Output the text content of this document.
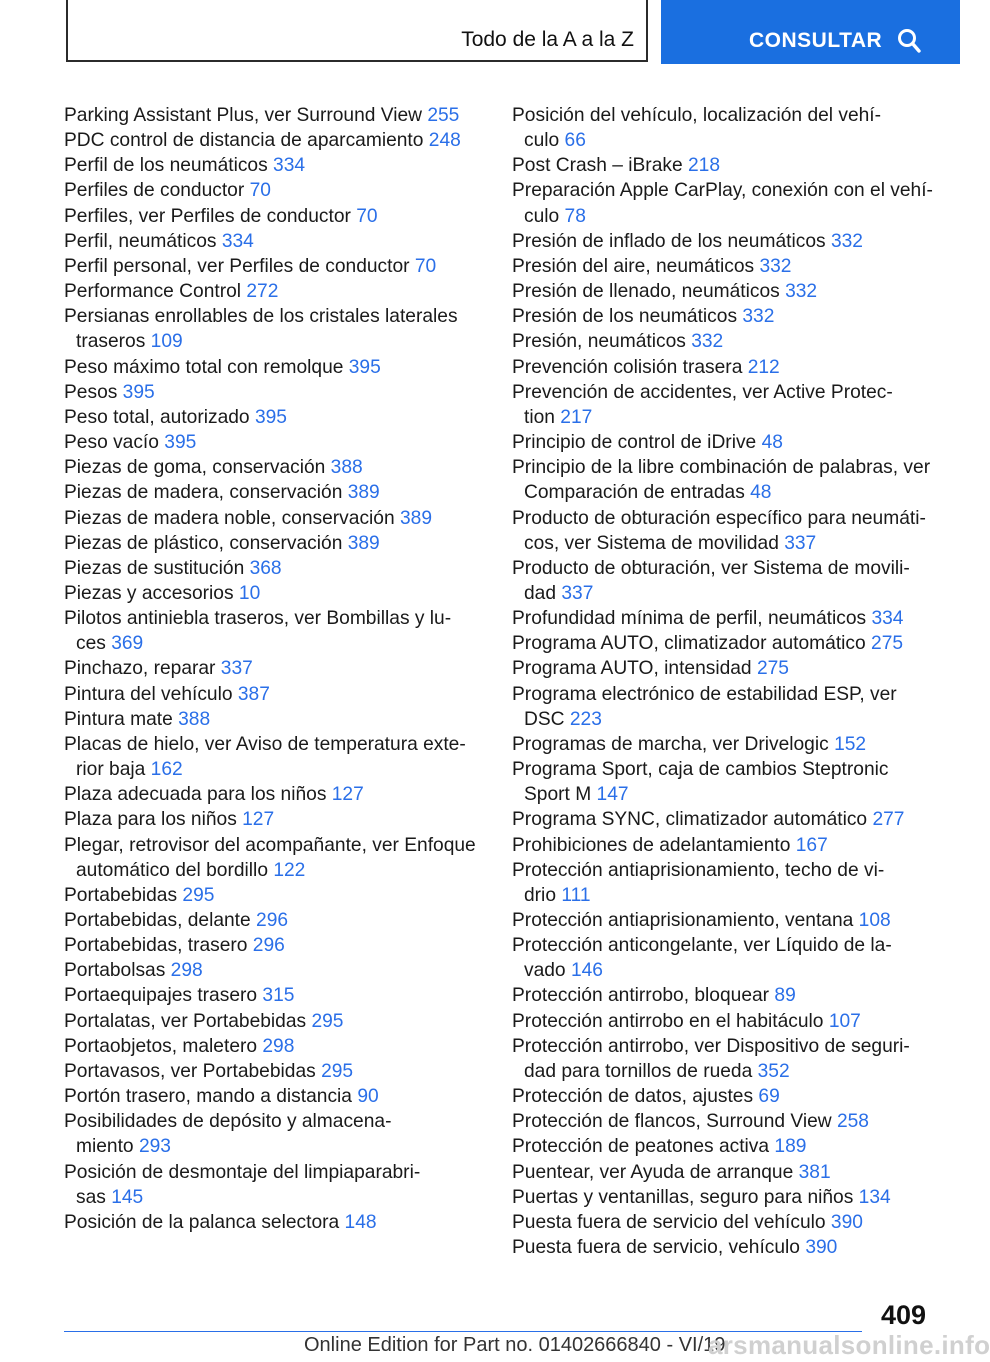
Todo de la A a la Z	CONSULTAR
Parking Assistant Plus, ver Surround View 255
PDC control de distancia de aparcamiento 248
Perfil de los neumáticos 334
Perfiles de conductor 70
Perfiles, ver Perfiles de conductor 70
Perfil, neumáticos 334
Perfil personal, ver Perfiles de conductor 70
Performance Control 272
Persianas enrollables de los cristales laterales
traseros 109
Peso máximo total con remolque 395
Pesos 395
Peso total, autorizado 395
Peso vacío 395
Piezas de goma, conservación 388
Piezas de madera, conservación 389
Piezas de madera noble, conservación 389
Piezas de plástico, conservación 389
Piezas de sustitución 368
Piezas y accesorios 10
Pilotos antiniebla traseros, ver Bombillas y lu-
ces 369
Pinchazo, reparar 337
Pintura del vehículo 387
Pintura mate 388
Placas de hielo, ver Aviso de temperatura exte-
rior baja 162
Plaza adecuada para los niños 127
Plaza para los niños 127
Plegar, retrovisor del acompañante, ver Enfoque
automático del bordillo 122
Portabebidas 295
Portabebidas, delante 296
Portabebidas, trasero 296
Portabolsas 298
Portaequipajes trasero 315
Portalatas, ver Portabebidas 295
Portaobjetos, maletero 298
Portavasos, ver Portabebidas 295
Portón trasero, mando a distancia 90
Posibilidades de depósito y almacena-
miento 293
Posición de desmontaje del limpiaparabri-
sas 145
Posición de la palanca selectora 148
Posición del vehículo, localización del vehí-
culo 66
Post Crash – iBrake 218
Preparación Apple CarPlay, conexión con el vehí-
culo 78
Presión de inflado de los neumáticos 332
Presión del aire, neumáticos 332
Presión de llenado, neumáticos 332
Presión de los neumáticos 332
Presión, neumáticos 332
Prevención colisión trasera 212
Prevención de accidentes, ver Active Protec-
tion 217
Principio de control de iDrive 48
Principio de la libre combinación de palabras, ver
Comparación de entradas 48
Producto de obturación específico para neumáti-
cos, ver Sistema de movilidad 337
Producto de obturación, ver Sistema de movili-
dad 337
Profundidad mínima de perfil, neumáticos 334
Programa AUTO, climatizador automático 275
Programa AUTO, intensidad 275
Programa electrónico de estabilidad ESP, ver
DSC 223
Programas de marcha, ver Drivelogic 152
Programa Sport, caja de cambios Steptronic
Sport M 147
Programa SYNC, climatizador automático 277
Prohibiciones de adelantamiento 167
Protección antiaprisionamiento, techo de vi-
drio 111
Protección antiaprisionamiento, ventana 108
Protección anticongelante, ver Líquido de la-
vado 146
Protección antirrobo, bloquear 89
Protección antirrobo en el habitáculo 107
Protección antirrobo, ver Dispositivo de seguri-
dad para tornillos de rueda 352
Protección de datos, ajustes 69
Protección de flancos, Surround View 258
Protección de peatones activa 189
Puentear, ver Ayuda de arranque 381
Puertas y ventanillas, seguro para niños 134
Puesta fuera de servicio del vehículo 390
Puesta fuera de servicio, vehículo 390
409
Online Edition for Part no. 01402666840 - VI/19
arsmanualsonline.info
